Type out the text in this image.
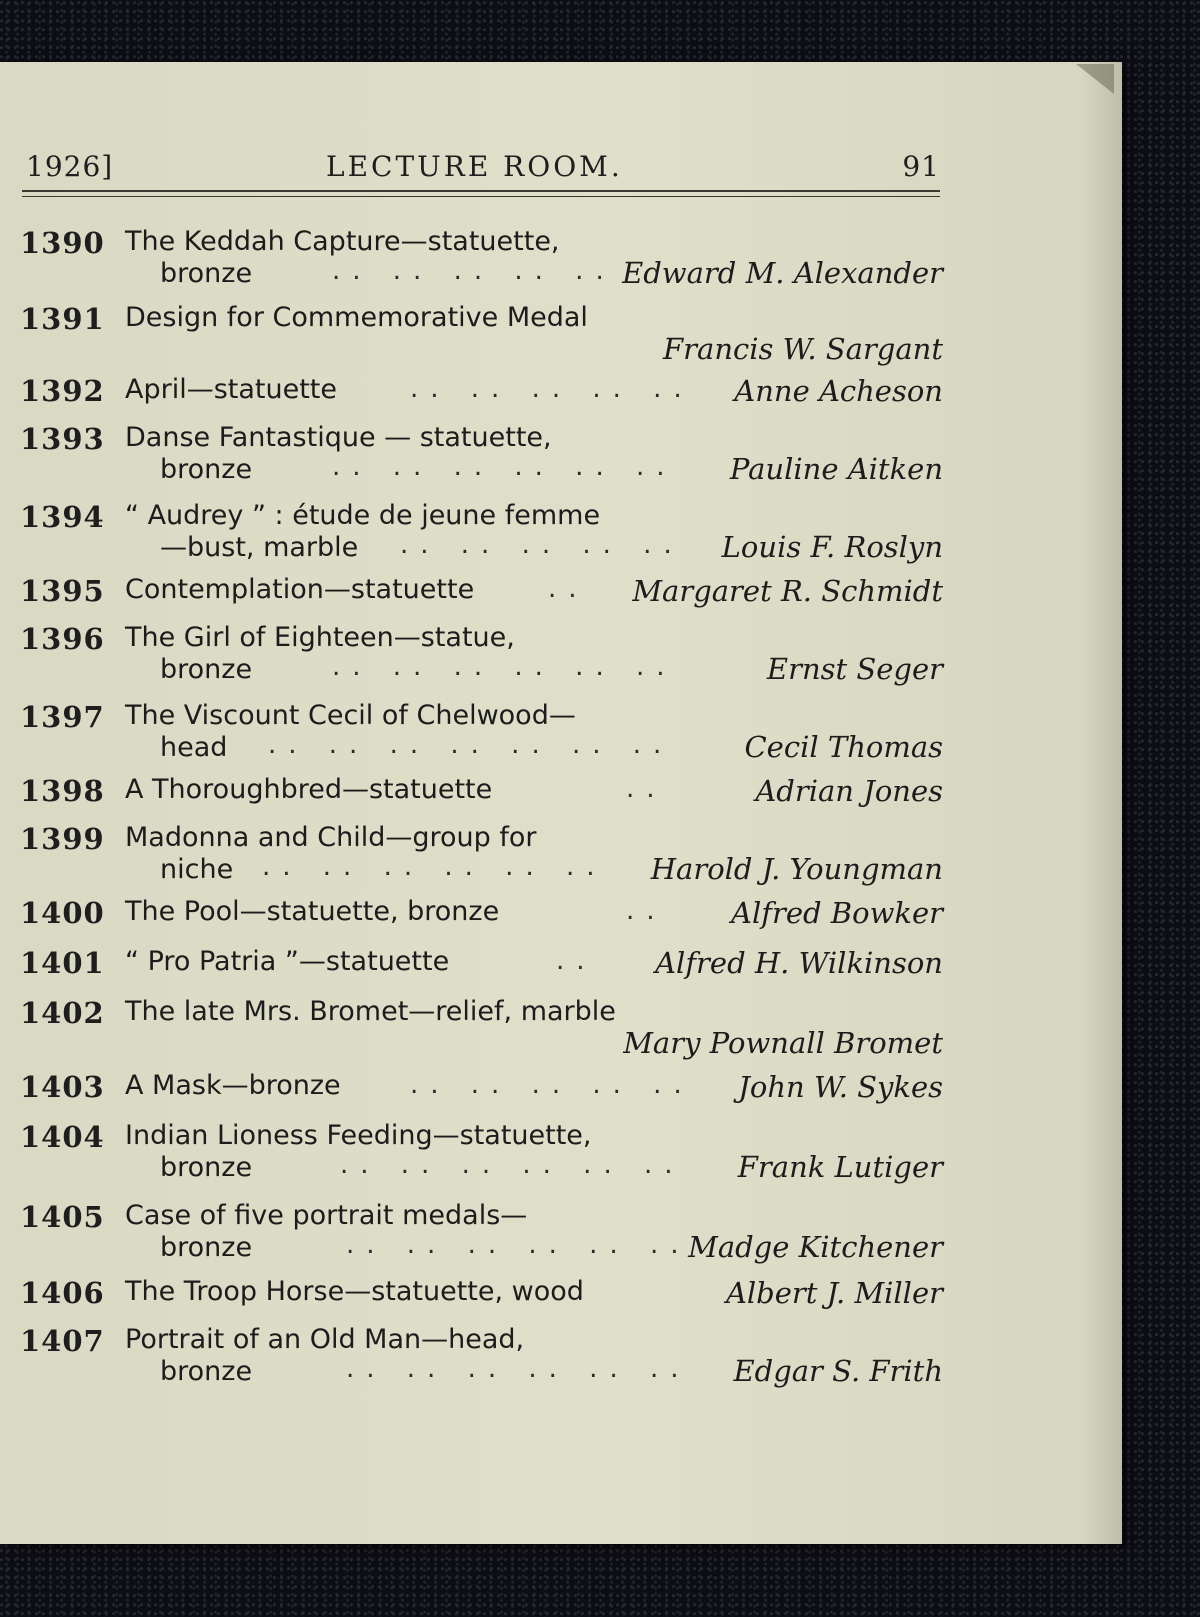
1926]	LECTURE ROOM.	91
1390 The Keddah Capture—statuette,
bronze	.. .. .. .. .. Edward M. Alexander
1391 Design for Commemorative Medal
Francis W. Sargant
1392 April—statuette	.. .. .. .. .. Anne Acheson
1393 Danse Fantastique — statuette,
bronze	.. .. .. .. .. .. Pauline Aitken
1394 “ Audrey ” : étude de jeune femme
—bust, marble .. .. .. .. .. Louis F. Roslyn
1395 Contemplation—statuette	.. Margaret R. Schmidt
1396 The Girl of Eighteen—statue,
bronze	.. .. .. .. .. ..	Ernst Seger
1397 The Viscount Cecil of Chelwood—
head .. .. .. .. .. .. .. Cecil Thomas
1398 A Thoroughbred—statuette	..	Adrian Jones
1399 Madonna and Child—group for
niche .. .. .. .. .. .. Harold J. Youngman
1400 The Pool—statuette, bronze	.. Alfred Bowker
1401 “ Pro Patria ”—statuette	.. Alfred H. Wilkinson
1402 The late Mrs. Bromet—relief, marble
Mary Pownall Bromet
1403 A Mask—bronze	.. .. .. .. .. John W. Sykes
1404 Indian Lioness Feeding—statuette,
bronze	.. .. .. .. .. .. Frank Lutiger
1405 Case of five portrait medals—
bronze	.. .. .. .. .. ..
Madge Kitchener
1406 The Troop Horse—statuette, wood	Albert J. Miller
1407 Portrait of an Old Man—head,
bronze	.. .. .. .. .. .. Edgar S. Frith
